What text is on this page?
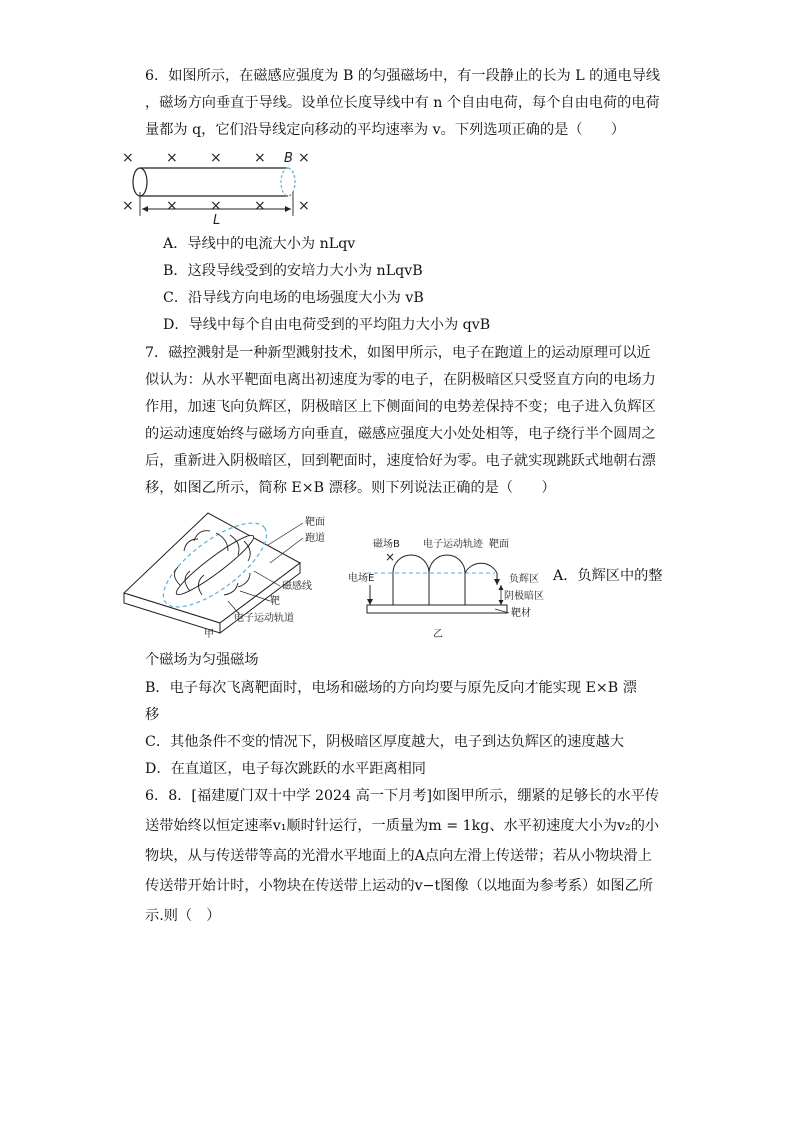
6．如图所示，在磁感应强度为 B 的匀强磁场中，有一段静止的长为 L 的通电导线
，磁场方向垂直于导线。设单位长度导线中有 n 个自由电荷，每个自由电荷的电荷
量都为 q，它们沿导线定向移动的平均速率为 v。下列选项正确的是（　　）
× × × × ×
× × × × ×
B
L
A．导线中的电流大小为 nLqv
B．这段导线受到的安培力大小为 nLqvB
C．沿导线方向电场的电场强度大小为 vB
D．导线中每个自由电荷受到的平均阻力大小为 qvB
7．磁控溅射是一种新型溅射技术，如图甲所示，电子在跑道上的运动原理可以近
似认为：从水平靶面电离出初速度为零的电子，在阴极暗区只受竖直方向的电场力
作用，加速飞向负辉区，阴极暗区上下侧面间的电势差保持不变；电子进入负辉区
的运动速度始终与磁场方向垂直，磁感应强度大小处处相等，电子绕行半个圆周之
后，重新进入阴极暗区，回到靶面时，速度恰好为零。电子就实现跳跃式地朝右漂
移，如图乙所示，简称 E×B 漂移。则下列说法正确的是（　　）
靶面
跑道
磁感线
靶
电子运动轨道
甲
磁场B
×
电子运动轨迹 靶面
电场E	负辉区
阴极暗区
靶材
乙
A．负辉区中的整
个磁场为匀强磁场
B．电子每次飞离靶面时，电场和磁场的方向均要与原先反向才能实现 E×B 漂
移
C．其他条件不变的情况下，阴极暗区厚度越大，电子到达负辉区的速度越大
D．在直道区，电子每次跳跃的水平距离相同
6．8．[福建厦门双十中学 2024 高一下月考]如图甲所示，绷紧的足够长的水平传
送带始终以恒定速率v₁顺时针运行，一质量为m = 1kg、水平初速度大小为v₂的小
物块，从与传送带等高的光滑水平地面上的A点向左滑上传送带；若从小物块滑上
传送带开始计时，小物块在传送带上运动的v−t图像（以地面为参考系）如图乙所
示.则（　）
